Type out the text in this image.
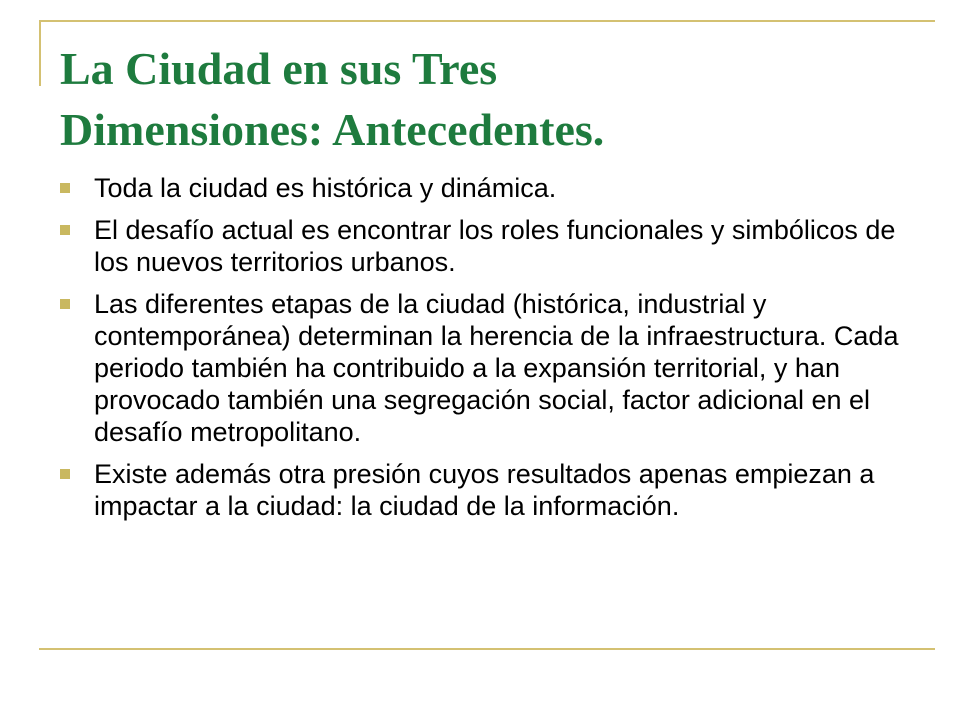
La Ciudad en sus Tres
Dimensiones: Antecedentes.
Toda la ciudad es histórica y dinámica.
El desafío actual es encontrar los roles funcionales y simbólicos de los nuevos territorios urbanos.
Las diferentes etapas de la ciudad (histórica, industrial y contemporánea) determinan la herencia de la infraestructura. Cada periodo también ha contribuido a la expansión territorial, y han provocado también una segregación social, factor adicional en el desafío metropolitano.
Existe además otra presión cuyos resultados apenas empiezan a impactar a la ciudad: la ciudad de la información.
